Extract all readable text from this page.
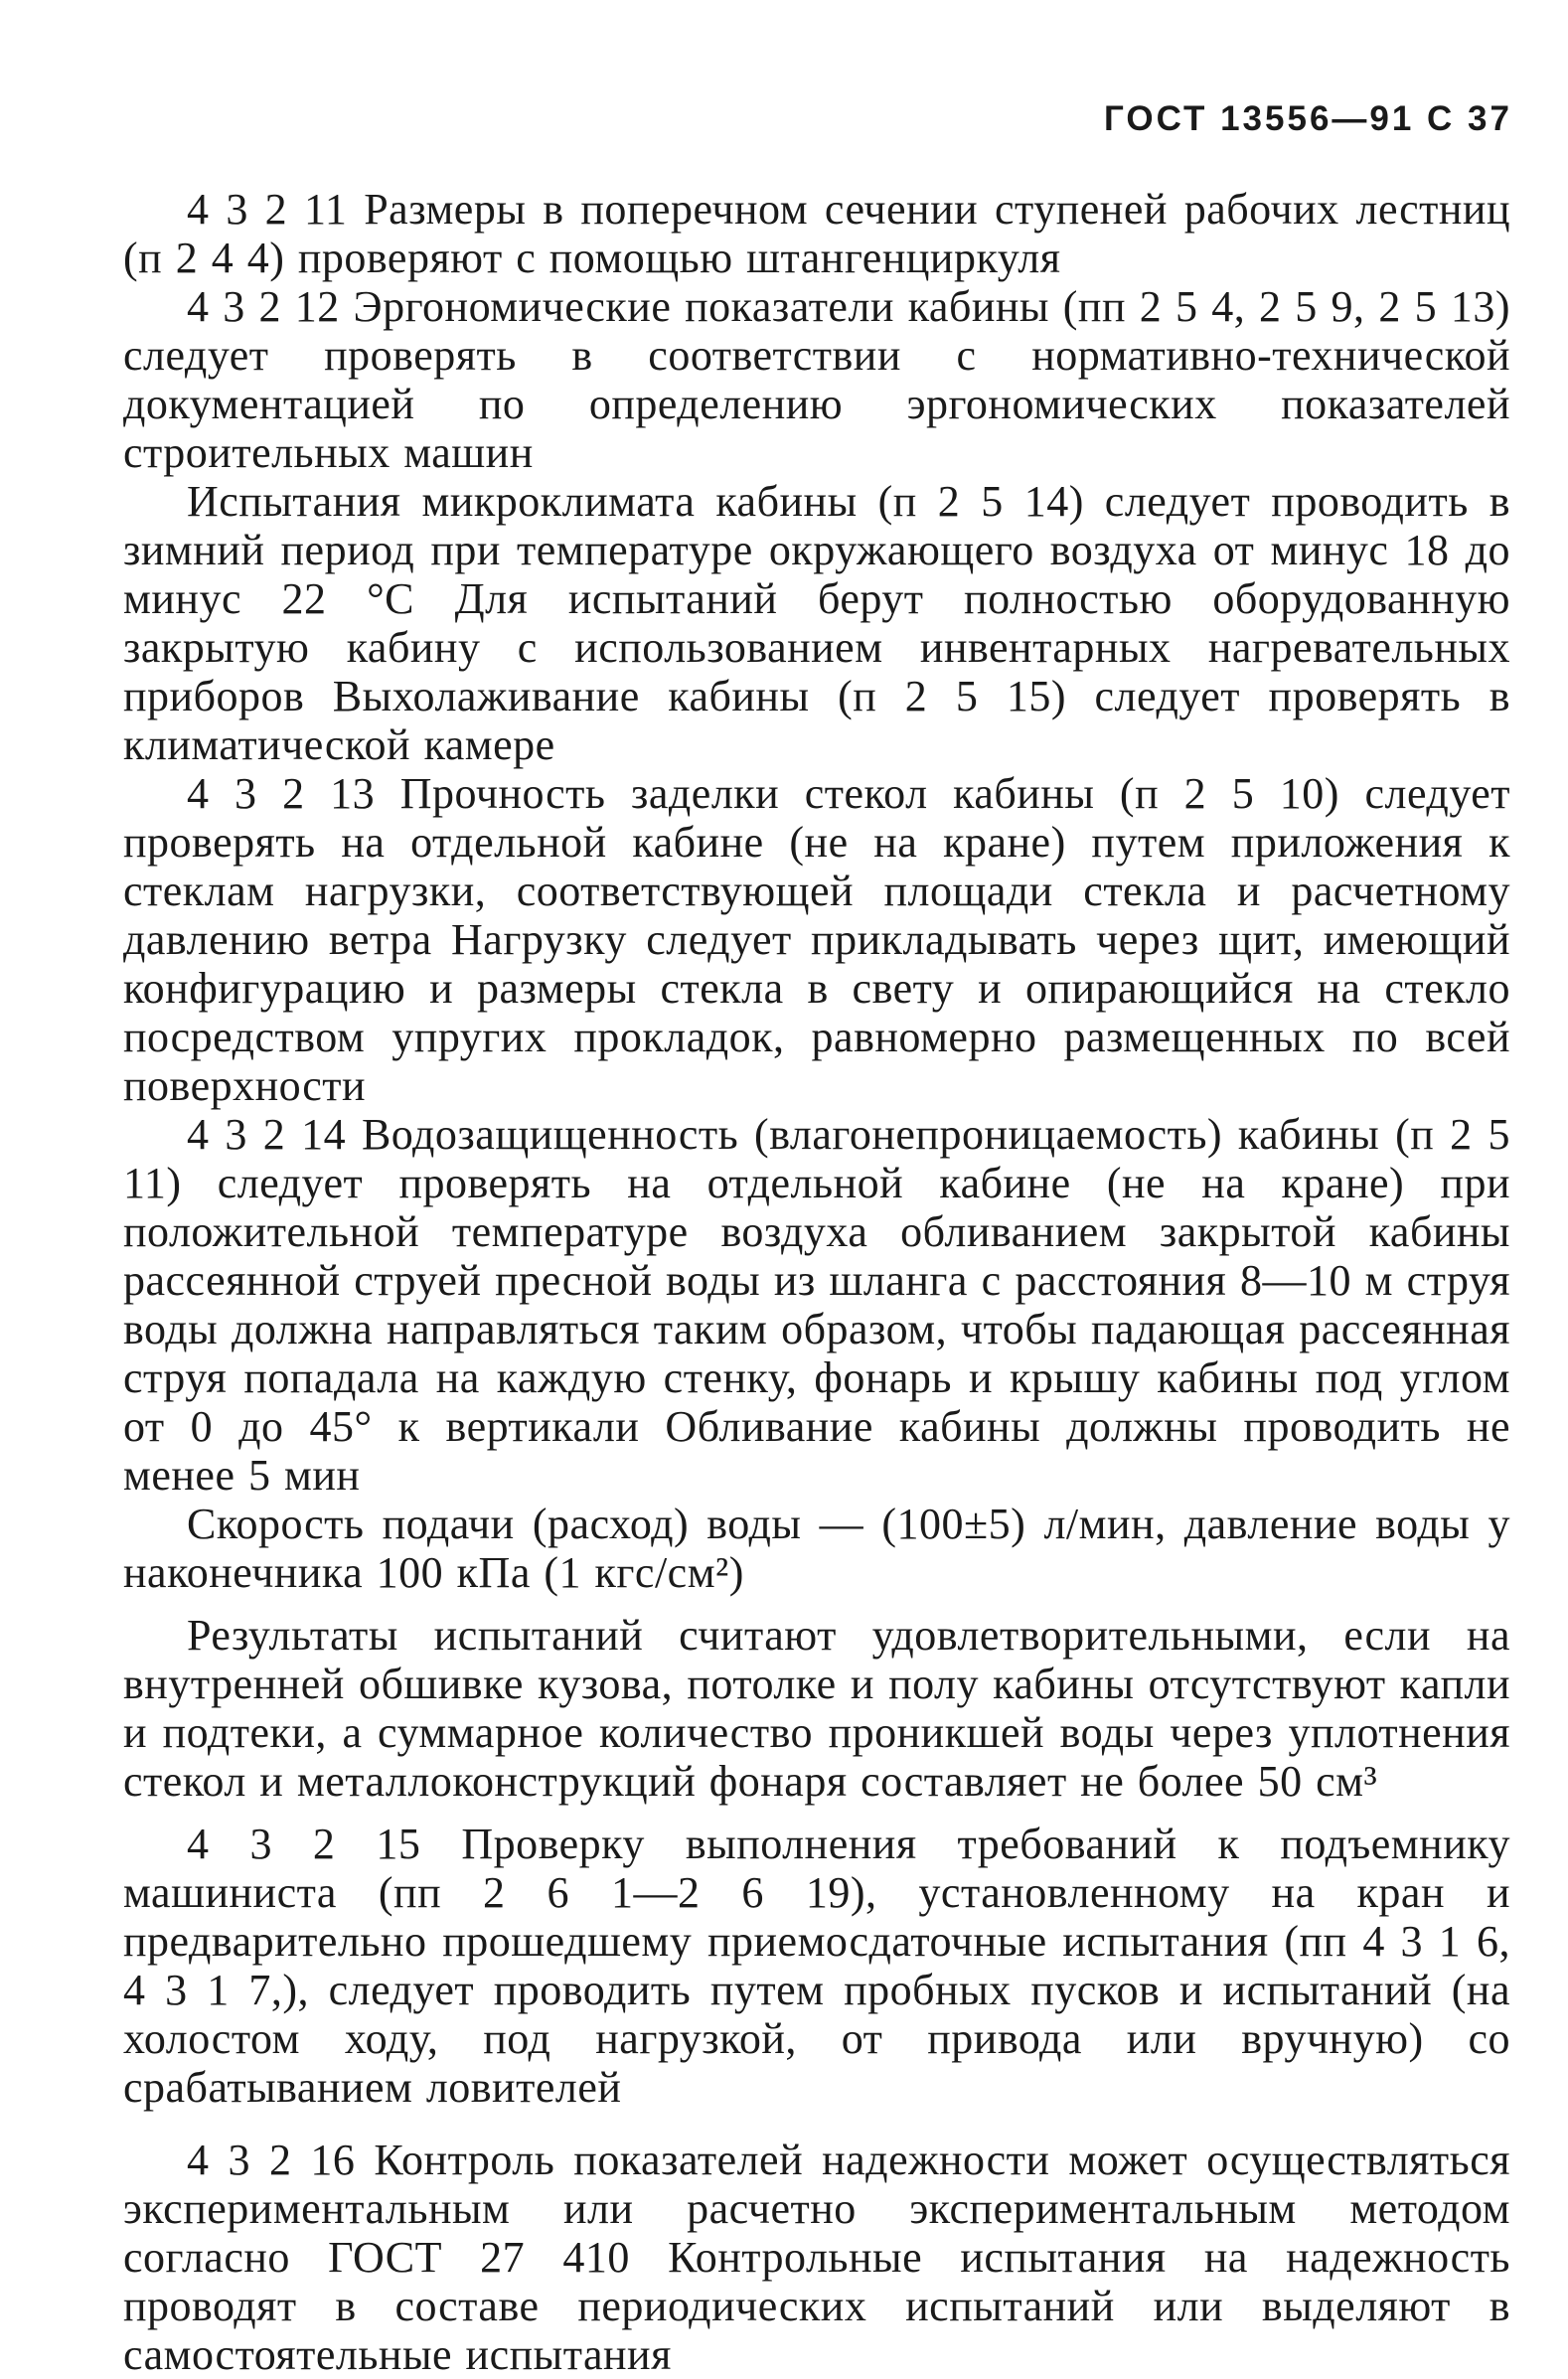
ГОСТ 13556—91 С 37

4 3 2 11 Размеры в поперечном сечении ступеней рабочих лестниц (п 2 4 4) проверяют с помощью штангенциркуля

4 3 2 12 Эргономические показатели кабины (пп 2 5 4, 2 5 9, 2 5 13) следует проверять в соответствии с нормативно-технической документацией по определению эргономических показателей строительных машин

Испытания микроклимата кабины (п 2 5 14) следует проводить в зимний период при температуре окружающего воздуха от минус 18 до минус 22 °С Для испытаний берут полностью оборудованную закрытую кабину с использованием инвентарных нагревательных приборов Выхолаживание кабины (п 2 5 15) следует проверять в климатической камере

4 3 2 13 Прочность заделки стекол кабины (п 2 5 10) следует проверять на отдельной кабине (не на кране) путем приложения к стеклам нагрузки, соответствующей площади стекла и расчетному давлению ветра Нагрузку следует прикладывать через щит, имеющий конфигурацию и размеры стекла в свету и опирающийся на стекло посредством упругих прокладок, равномерно размещенных по всей поверхности

4 3 2 14 Водозащищенность (влагонепроницаемость) кабины (п 2 5 11) следует проверять на отдельной кабине (не на кране) при положительной температуре воздуха обливанием закрытой кабины рассеянной струей пресной воды из шланга с расстояния 8—10 м струя воды должна направляться таким образом, чтобы падающая рассеянная струя попадала на каждую стенку, фонарь и крышу кабины под углом от 0 до 45° к вертикали Обливание кабины должны проводить не менее 5 мин

Скорость подачи (расход) воды — (100±5) л/мин, давление воды у наконечника 100 кПа (1 кгс/см²)

Результаты испытаний считают удовлетворительными, если на внутренней обшивке кузова, потолке и полу кабины отсутствуют капли и подтеки, а суммарное количество проникшей воды через уплотнения стекол и металлоконструкций фонаря составляет не более 50 см³

4 3 2 15 Проверку выполнения требований к подъемнику машиниста (пп 2 6 1—2 6 19), установленному на кран и предварительно прошедшему приемосдаточные испытания (пп 4 3 1 6, 4 3 1 7,), следует проводить путем пробных пусков и испытаний (на холостом ходу, под нагрузкой, от привода или вручную) со срабатыванием ловителей

4 3 2 16 Контроль показателей надежности может осуществляться экспериментальным или расчетно экспериментальным методом согласно ГОСТ 27 410 Контрольные испытания на надежность проводят в составе периодических испытаний или выделяют в самостоятельные испытания
